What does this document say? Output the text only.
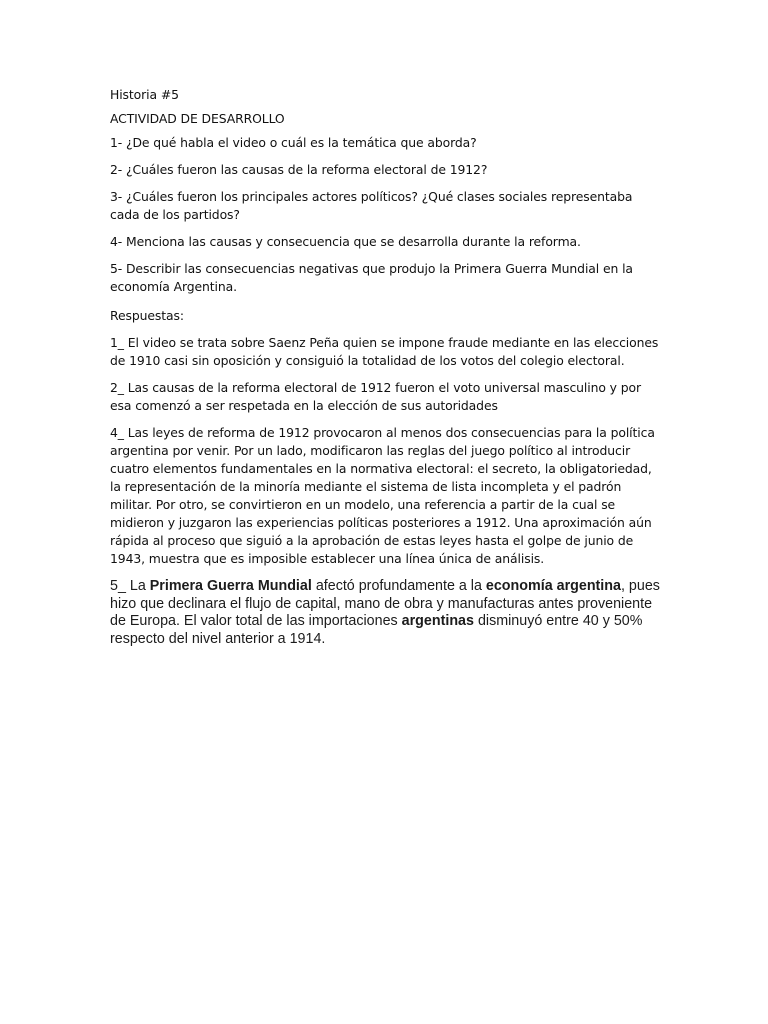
Historia #5

ACTIVIDAD DE DESARROLLO

1- ¿De qué habla el video o cuál es la temática que aborda?

2- ¿Cuáles fueron las causas de la reforma electoral de 1912?

3- ¿Cuáles fueron los principales actores políticos? ¿Qué clases sociales representaba cada de los partidos?

4- Menciona las causas y consecuencia que se desarrolla durante la reforma.

5- Describir las consecuencias negativas que produjo la Primera Guerra Mundial en la economía Argentina.

Respuestas:

1_ El video se trata sobre Saenz Peña quien se impone fraude mediante en las elecciones de 1910 casi sin oposición y consiguió la totalidad de los votos del colegio electoral.

2_ Las causas de la reforma electoral de 1912 fueron el voto universal masculino y por esa comenzó a ser respetada en la elección de sus autoridades

4_ Las leyes de reforma de 1912 provocaron al menos dos consecuencias para la política argentina por venir. Por un lado, modificaron las reglas del juego político al introducir cuatro elementos fundamentales en la normativa electoral: el secreto, la obligatoriedad, la representación de la minoría mediante el sistema de lista incompleta y el padrón militar. Por otro, se convirtieron en un modelo, una referencia a partir de la cual se midieron y juzgaron las experiencias políticas posteriores a 1912. Una aproximación aún rápida al proceso que siguió a la aprobación de estas leyes hasta el golpe de junio de 1943, muestra que es imposible establecer una línea única de análisis.

5_ La Primera Guerra Mundial afectó profundamente a la economía argentina, pues hizo que declinara el flujo de capital, mano de obra y manufacturas antes proveniente de Europa. El valor total de las importaciones argentinas disminuyó entre 40 y 50% respecto del nivel anterior a 1914.
